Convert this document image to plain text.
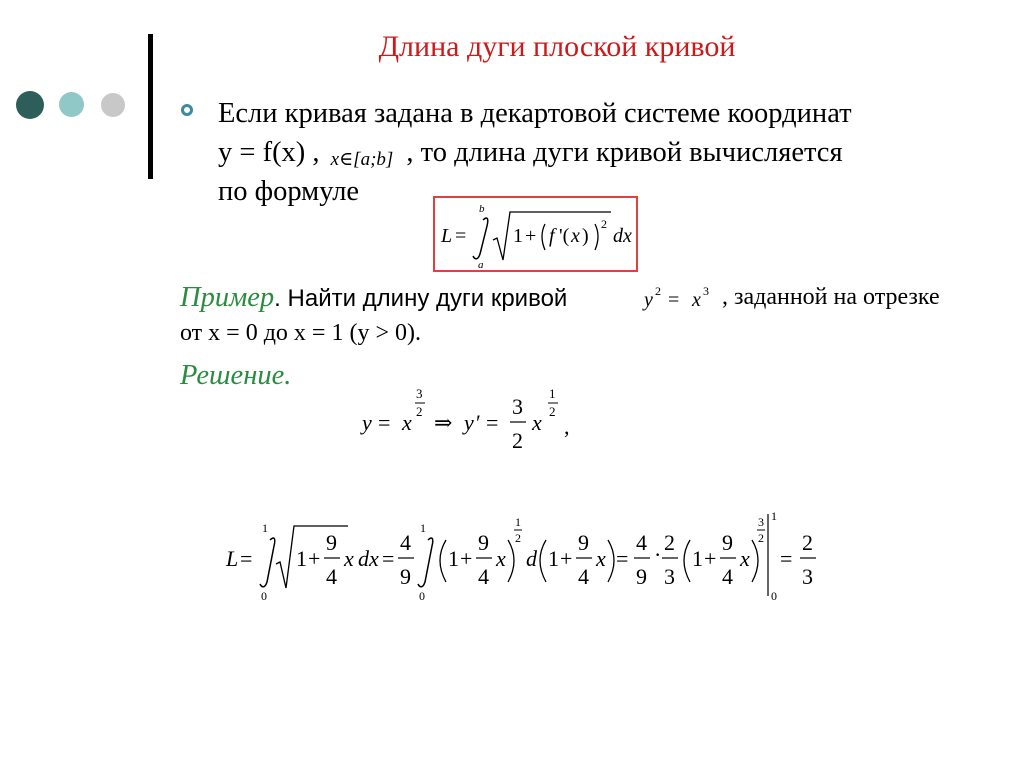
Длина дуги плоской кривой
Если кривая задана в декартовой системе координат
y = f(x) , x∈[a;b] , то длина дуги кривой вычисляется
по формуле
L =
b
a
1 + f '( x )
2
dx
Пример. Найти длину дуги кривой	y 2 = x 3 , заданной на отрезке
от x = 0 до x = 1 (y > 0).
Решение.
y = x
3
2 ⇒ y ′ =
3
2
x
1
2
,
L =
1
0
1 +
9
4
x dx =
4
9
1
0
1 +
9
4
x
1
2
d 1 +
9
4
x =
4
9
· 2
3
1 +
9
4
x
3
2
1
0
=
2
3
